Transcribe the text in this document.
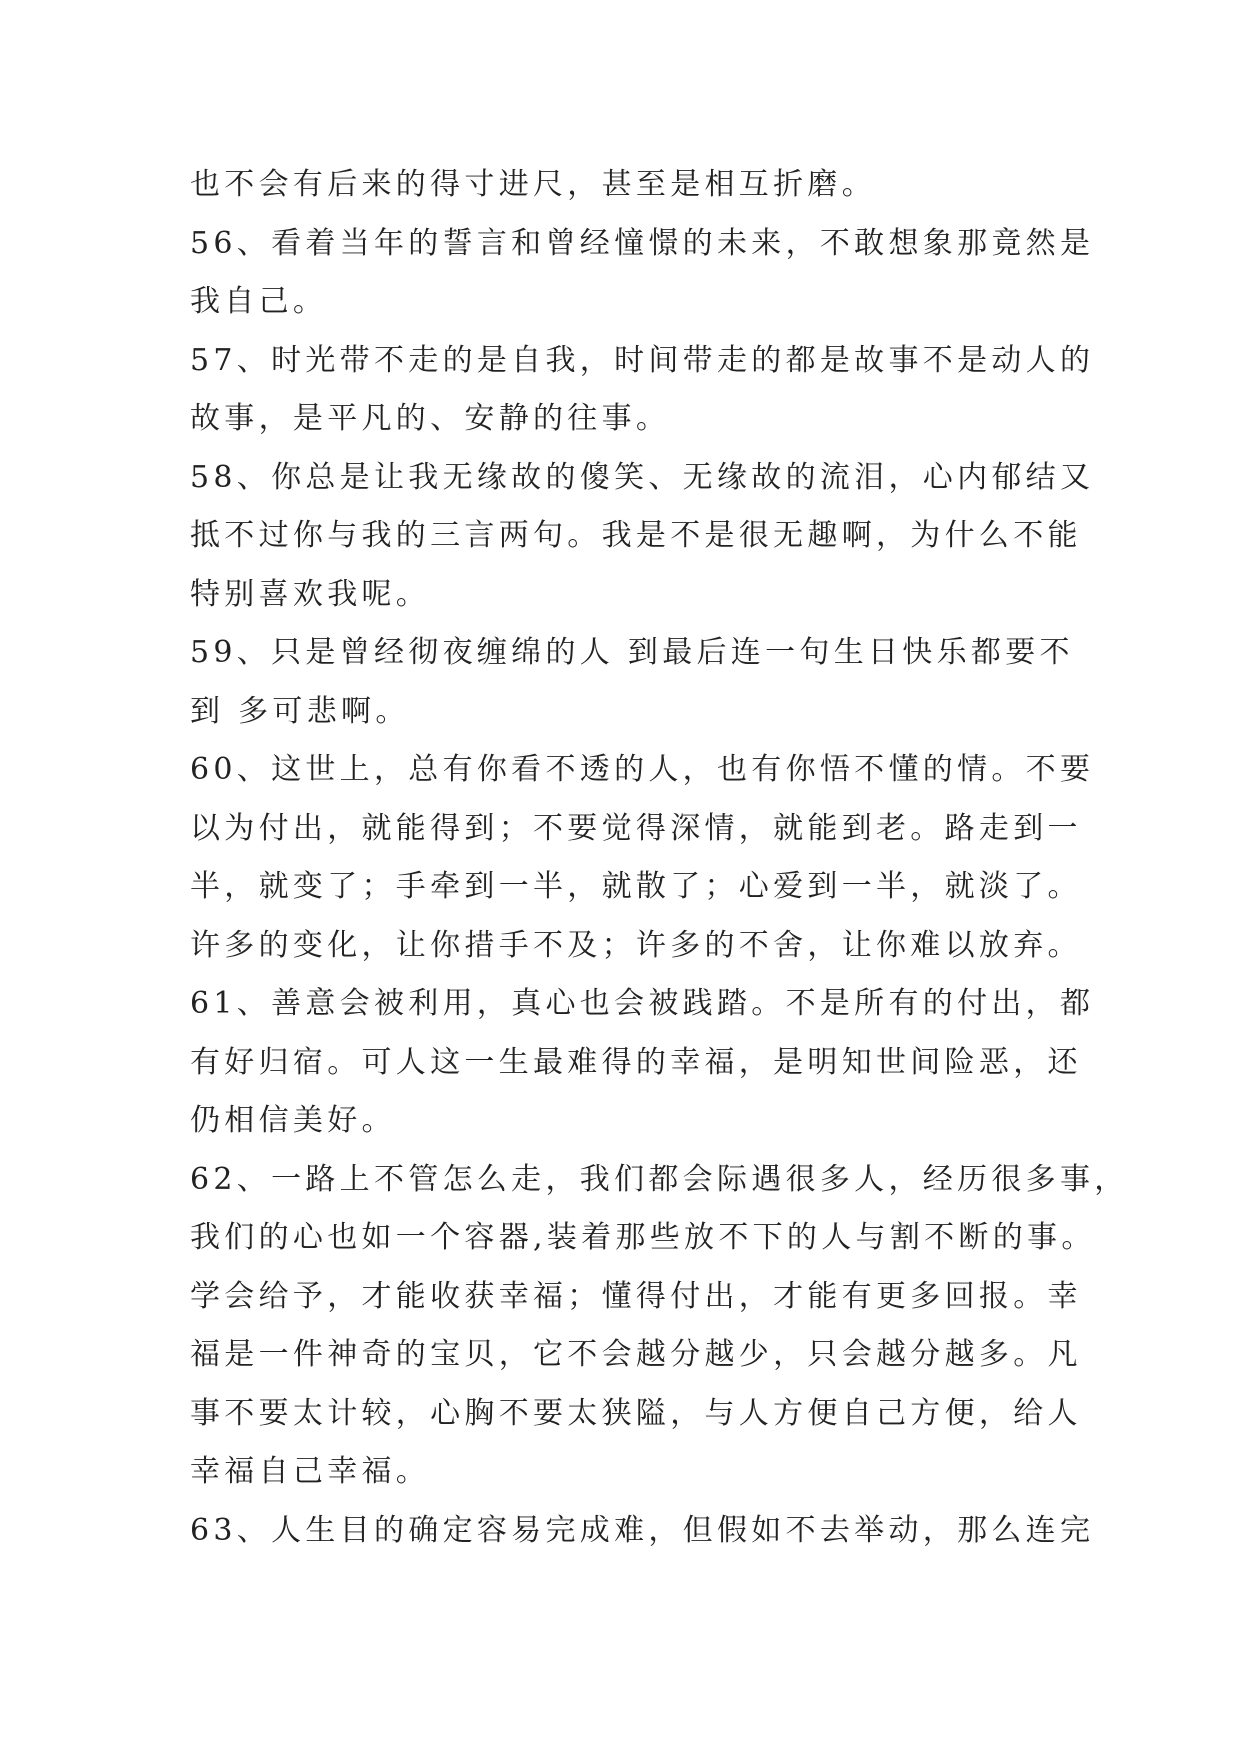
也不会有后来的得寸进尺，甚至是相互折磨。
56、看着当年的誓言和曾经憧憬的未来，不敢想象那竟然是
我自己。
57、时光带不走的是自我，时间带走的都是故事不是动人的
故事，是平凡的、安静的往事。
58、你总是让我无缘故的傻笑、无缘故的流泪，心内郁结又
抵不过你与我的三言两句。我是不是很无趣啊，为什么不能
特别喜欢我呢。
59、只是曾经彻夜缠绵的人 到最后连一句生日快乐都要不
到 多可悲啊。
60、这世上，总有你看不透的人，也有你悟不懂的情。不要
以为付出，就能得到；不要觉得深情，就能到老。路走到一
半，就变了；手牵到一半，就散了；心爱到一半，就淡了。
许多的变化，让你措手不及；许多的不舍，让你难以放弃。
61、善意会被利用，真心也会被践踏。不是所有的付出，都
有好归宿。可人这一生最难得的幸福，是明知世间险恶，还
仍相信美好。
62、一路上不管怎么走，我们都会际遇很多人，经历很多事，
我们的心也如一个容器,装着那些放不下的人与割不断的事。
学会给予，才能收获幸福；懂得付出，才能有更多回报。幸
福是一件神奇的宝贝，它不会越分越少，只会越分越多。凡
事不要太计较，心胸不要太狭隘，与人方便自己方便，给人
幸福自己幸福。
63、人生目的确定容易完成难，但假如不去举动，那么连完
